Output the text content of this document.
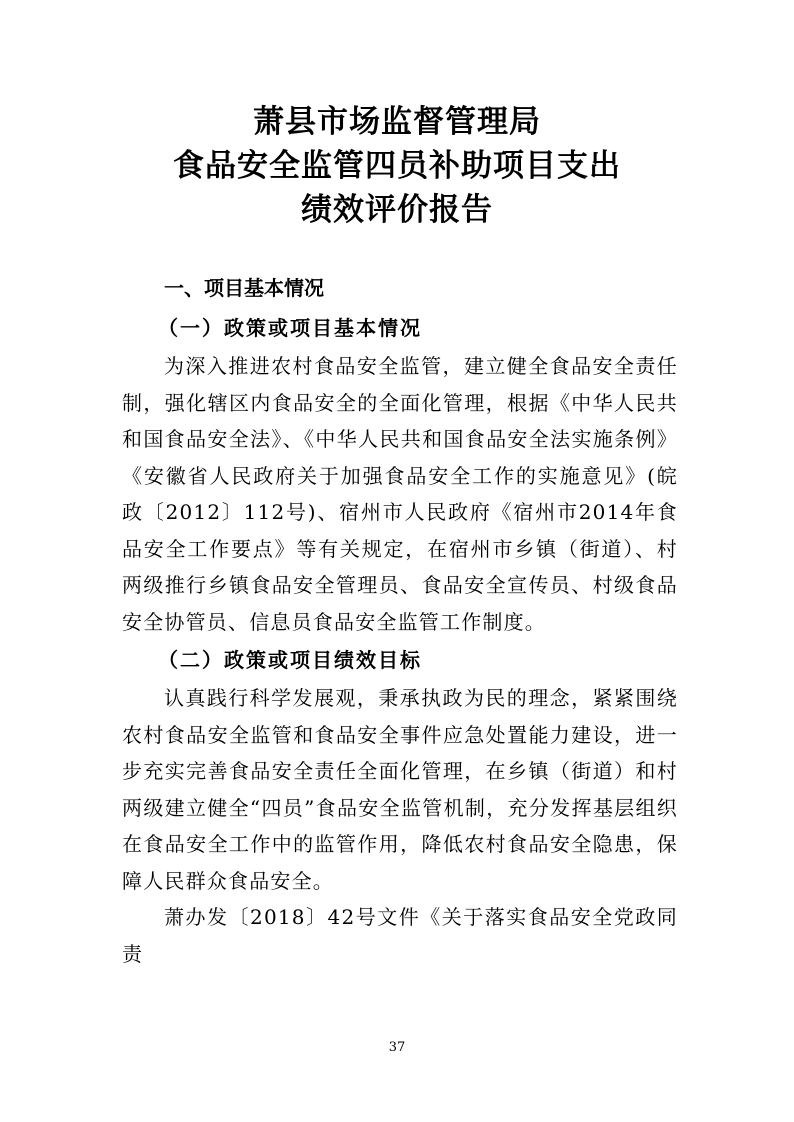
萧县市场监督管理局
食品安全监管四员补助项目支出
绩效评价报告
一、项目基本情况
（一）政策或项目基本情况

为深入推进农村食品安全监管，建立健全食品安全责任制，强化辖区内食品安全的全面化管理，根据《中华人民共和国食品安全法》、《中华人民共和国食品安全法实施条例》《安徽省人民政府关于加强食品安全工作的实施意见》(皖政〔2012〕112号)、宿州市人民政府《宿州市2014年食品安全工作要点》等有关规定，在宿州市乡镇（街道）、村两级推行乡镇食品安全管理员、食品安全宣传员、村级食品安全协管员、信息员食品安全监管工作制度。

（二）政策或项目绩效目标

认真践行科学发展观，秉承执政为民的理念，紧紧围绕农村食品安全监管和食品安全事件应急处置能力建设，进一步充实完善食品安全责任全面化管理，在乡镇（街道）和村两级建立健全“四员”食品安全监管机制，充分发挥基层组织在食品安全工作中的监管作用，降低农村食品安全隐患，保障人民群众食品安全。

萧办发〔2018〕42号文件《关于落实食品安全党政同责

37
